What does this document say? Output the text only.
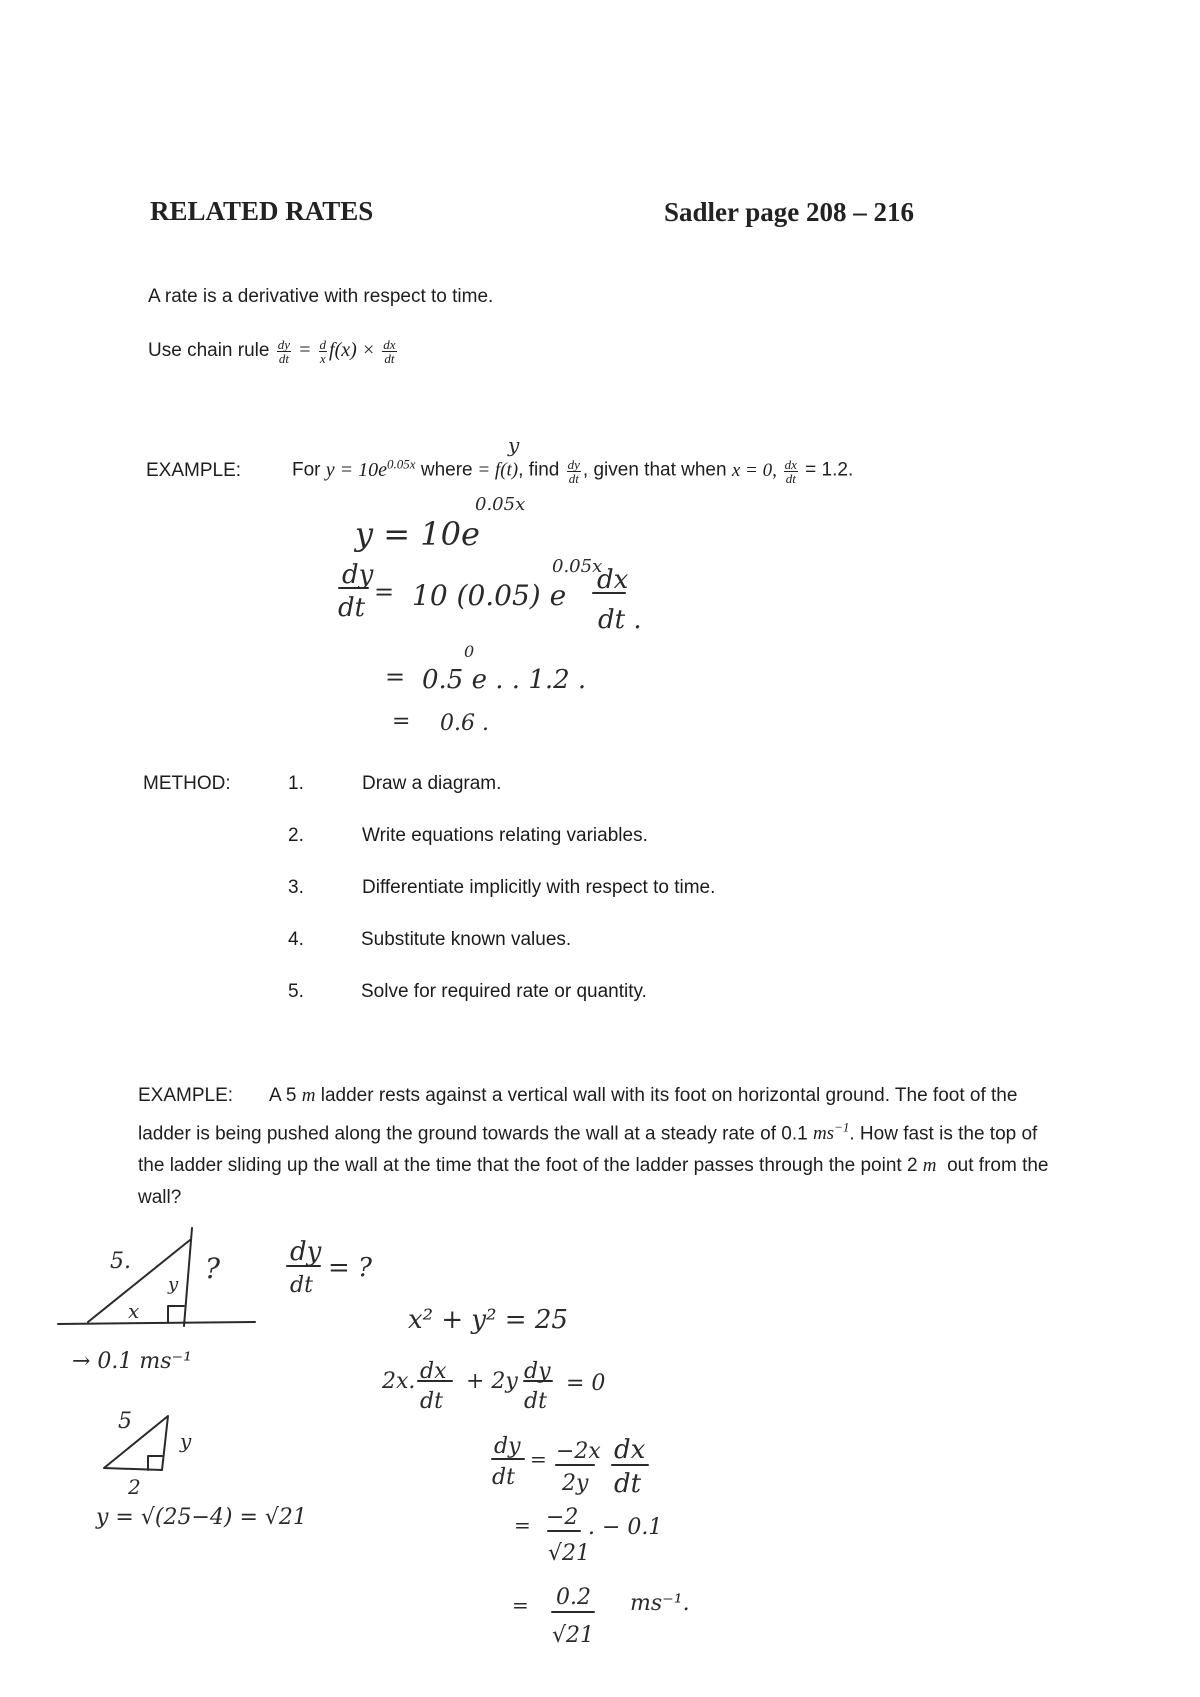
RELATED RATES	Sadler page 208 – 216
A rate is a derivative with respect to time.
Use chain rule $\frac{dy}{dt} = \frac{d}{x} f(x) \times \frac{dx}{dt}$
EXAMPLE:	For $y = 10e^{0.05x}$ where = f(t), find $\frac{dy}{dt}$ , given that when x = 0, $\frac{dx}{dt} = 1.2$.
METHOD:	1.	Draw a diagram.
2.	Write equations relating variables.
3.	Differentiate implicitly with respect to time.
4.	Substitute known values.
5.	Solve for required rate or quantity.
EXAMPLE: A 5 m ladder rests against a vertical wall with its foot on horizontal ground. The foot of the ladder is being pushed along the ground towards the wall at a steady rate of 0.1 $ms^{-1}$. How fast is the top of the ladder sliding up the wall at the time that the foot of the ladder passes through the point 2 m out from the wall?
y = 10e
0.05x
y
dy
dt
= 10 (0.05) e
0.05x
dx
dt .
= 0.5 e . . 1.2 .
0
= 0.6 .
5.
x
y ?
→ 0.1 ms⁻¹
5
y
2
y = √(25−4) = √21
dy
dt
= ?
x² + y² = 25
2x. dx
dt
+ 2y dy
dt
= 0
dy
dt
= −2x
2y
dx
dt
= −2
√21
. − 0.1
= 0.2
√21
ms⁻¹.
